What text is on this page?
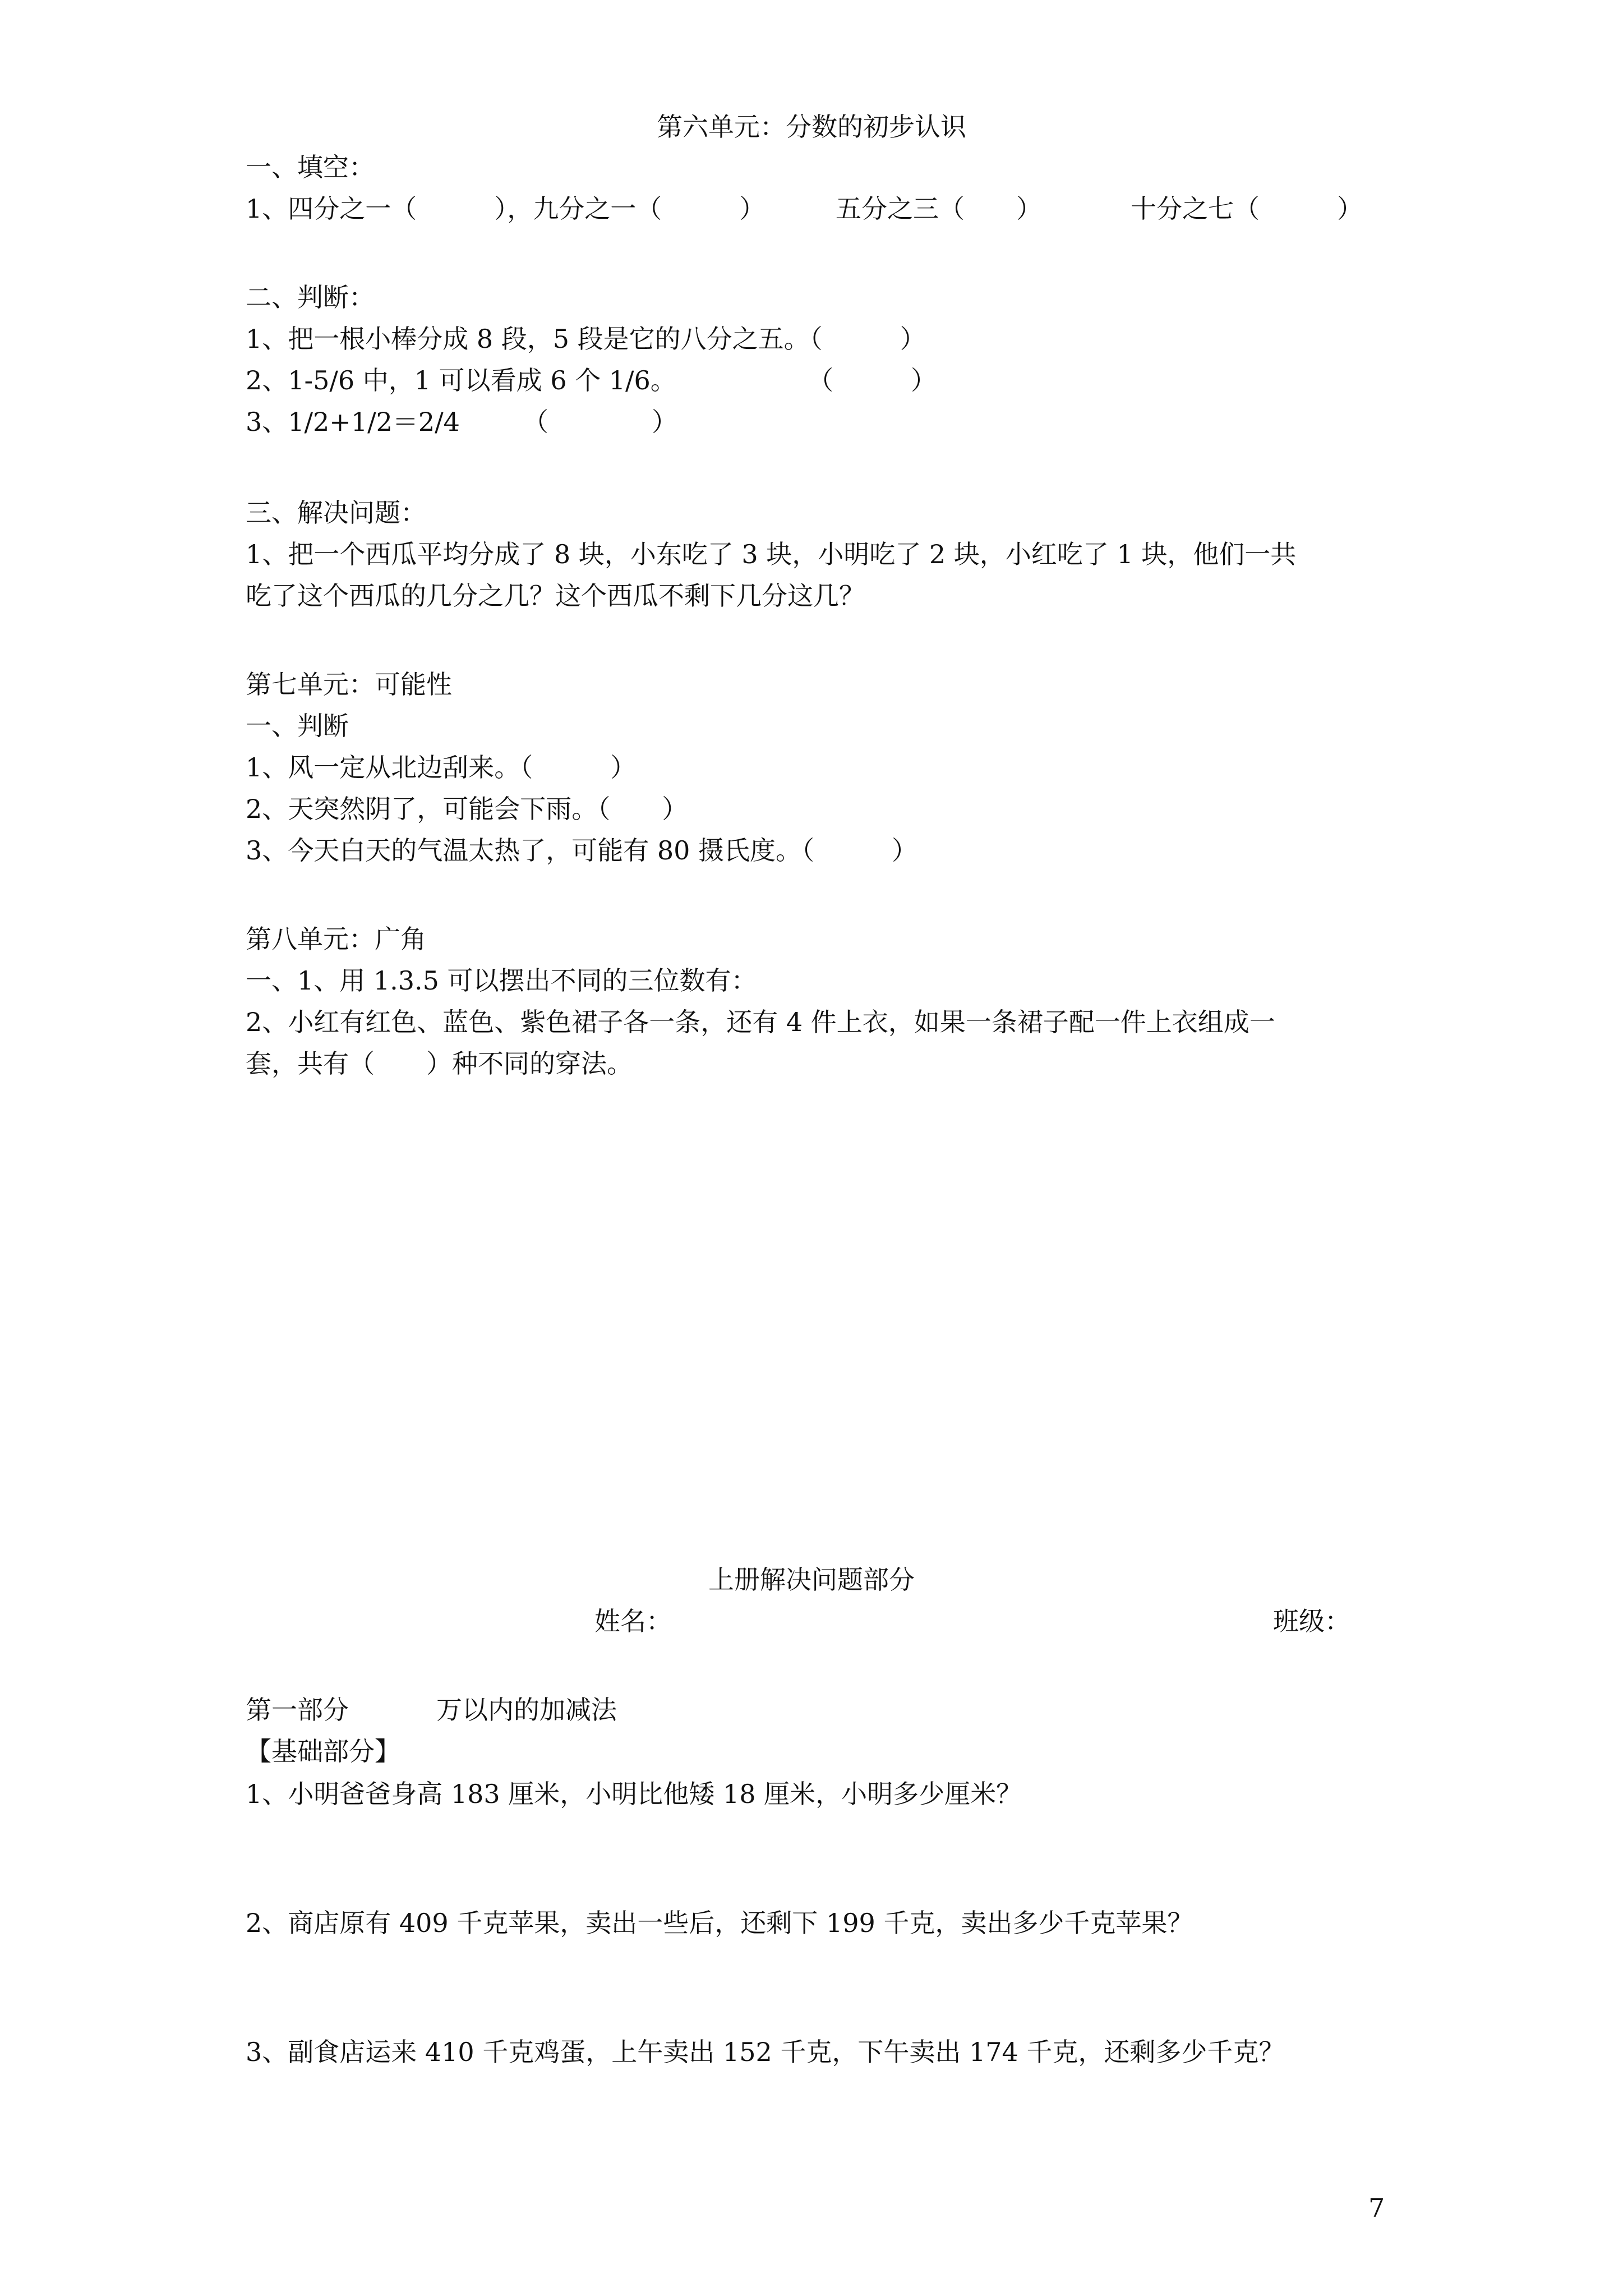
第六单元：分数的初步认识
一、填空：

1、四分之一（　　　），九分之一（　　　）

	五分之三（　　）

	十分之七（　　　）

二、判断：
1、把一根小棒分成 8 段，5 段是它的八分之五。（　　　）

2、1-5/6 中，1 可以看成 6 个 1/6。

	（　　　）

3、1/2+1/2＝2/4

（　　　　）

三、解决问题：
1、把一个西瓜平均分成了 8 块，小东吃了 3 块，小明吃了 2 块，小红吃了 1 块，他们一共
吃了这个西瓜的几分之几？这个西瓜不剩下几分这几？
第七单元：可能性
一、判断
1、风一定从北边刮来。（　　　）
2、天突然阴了，可能会下雨。（　　）
3、今天白天的气温太热了，可能有 80 摄氏度。（　　　）
第八单元：广角
一、1、用 1.3.5 可以摆出不同的三位数有：
2、小红有红色、蓝色、紫色裙子各一条，还有 4 件上衣，如果一条裙子配一件上衣组成一
套，共有（　　）种不同的穿法。
上册解决问题部分
姓名：	班级：

第一部分

	万以内的加减法

【基础部分】
1、小明爸爸身高 183 厘米，小明比他矮 18 厘米，小明多少厘米？
2、商店原有 409 千克苹果，卖出一些后，还剩下 199 千克，卖出多少千克苹果？
3、副食店运来 410 千克鸡蛋，上午卖出 152 千克，下午卖出 174 千克，还剩多少千克？
7
